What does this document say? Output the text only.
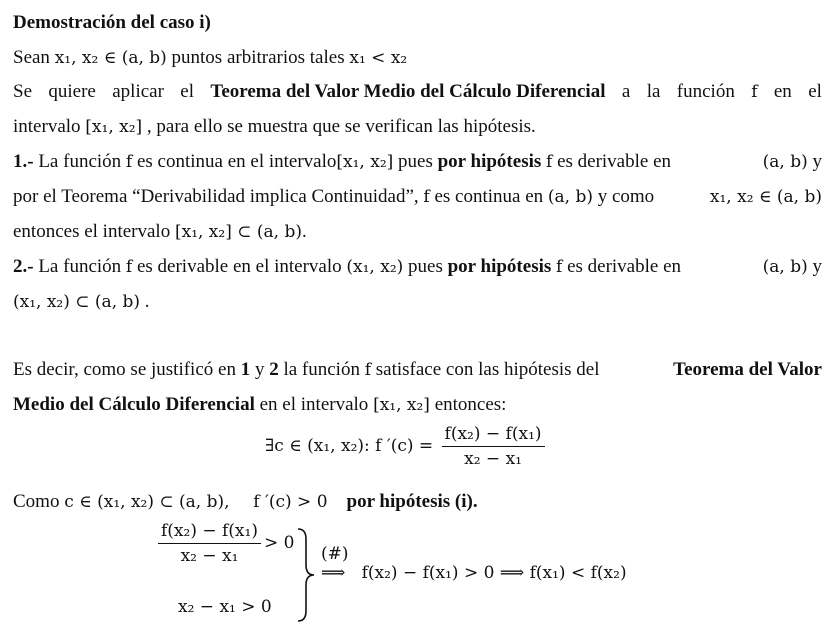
Demostración del caso i)
Sean x₁, x₂ ∈ (a, b) puntos arbitrarios tales x₁ < x₂
Se quiere aplicar el Teorema del Valor Medio del Cálculo Diferencial a la función f en el
intervalo [x₁, x₂] , para ello se muestra que se verifican las hipótesis.
1.- La función f es continua en el intervalo[x₁, x₂] pues por hipótesis f es derivable en	(a, b) y
por el Teorema “Derivabilidad implica Continuidad”, f es continua en (a, b) y como	x₁, x₂ ∈ (a, b)
entonces el intervalo [x₁, x₂] ⊂ (a, b).
2.- La función f es derivable en el intervalo (x₁, x₂) pues por hipótesis f es derivable en	(a, b) y
(x₁, x₂) ⊂ (a, b) .
Es decir, como se justificó en 1 y 2 la función f satisface con las hipótesis del	Teorema del Valor
Medio del Cálculo Diferencial en el intervalo [x₁, x₂] entonces:
∃c ∈ (x₁, x₂): f $'(c) = \frac{\text{f(x₂) − f(x₁)}}{\text{x₂ − x₁}}$
Como c ∈ (x₁, x₂) ⊂ (a, b), f ′(c) > 0 por hipótesis (i).
$\frac{\text{f(x₂) − f(x₁)}}{\text{x₂ − x₁}} > 0$
x₂ − x₁ > 0
(#)
⟹ f(x₂) − f(x₁) > 0 ⟹ f(x₁) < f(x₂)
